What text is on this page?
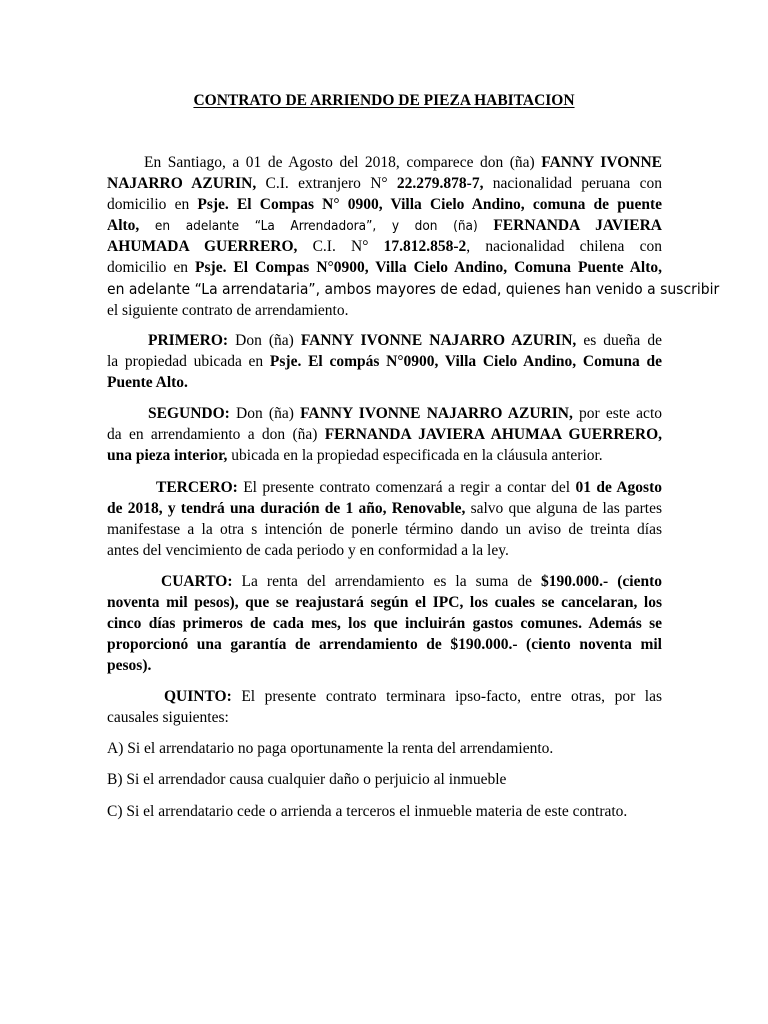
CONTRATO DE ARRIENDO DE PIEZA HABITACION
En Santiago, a 01 de Agosto del 2018, comparece don (ña) FANNY IVONNE
NAJARRO AZURIN, C.I. extranjero N° 22.279.878-7, nacionalidad peruana con
domicilio en Psje. El Compas N° 0900, Villa Cielo Andino, comuna de puente
Alto, en adelante “La Arrendadora”, y don (ña) FERNANDA JAVIERA
AHUMADA GUERRERO, C.I. N° 17.812.858-2, nacionalidad chilena con
domicilio en Psje. El Compas N°0900, Villa Cielo Andino, Comuna Puente Alto,
en adelante “La arrendataria”, ambos mayores de edad, quienes han venido a suscribir
el siguiente contrato de arrendamiento.
PRIMERO: Don (ña) FANNY IVONNE NAJARRO AZURIN, es dueña de
la propiedad ubicada en Psje. El compás N°0900, Villa Cielo Andino, Comuna de
Puente Alto.
SEGUNDO: Don (ña) FANNY IVONNE NAJARRO AZURIN, por este acto
da en arrendamiento a don (ña) FERNANDA JAVIERA AHUMAA GUERRERO,
una pieza interior, ubicada en la propiedad especificada en la cláusula anterior.
TERCERO: El presente contrato comenzará a regir a contar del 01 de Agosto
de 2018, y tendrá una duración de 1 año, Renovable, salvo que alguna de las partes
manifestase a la otra s intención de ponerle término dando un aviso de treinta días
antes del vencimiento de cada periodo y en conformidad a la ley.
CUARTO: La renta del arrendamiento es la suma de $190.000.- (ciento
noventa mil pesos), que se reajustará según el IPC, los cuales se cancelaran, los
cinco días primeros de cada mes, los que incluirán gastos comunes. Además se
proporcionó una garantía de arrendamiento de $190.000.- (ciento noventa mil
pesos).
QUINTO: El presente contrato terminara ipso-facto, entre otras, por las
causales siguientes:
A) Si el arrendatario no paga oportunamente la renta del arrendamiento.
B) Si el arrendador causa cualquier daño o perjuicio al inmueble
C) Si el arrendatario cede o arrienda a terceros el inmueble materia de este contrato.
